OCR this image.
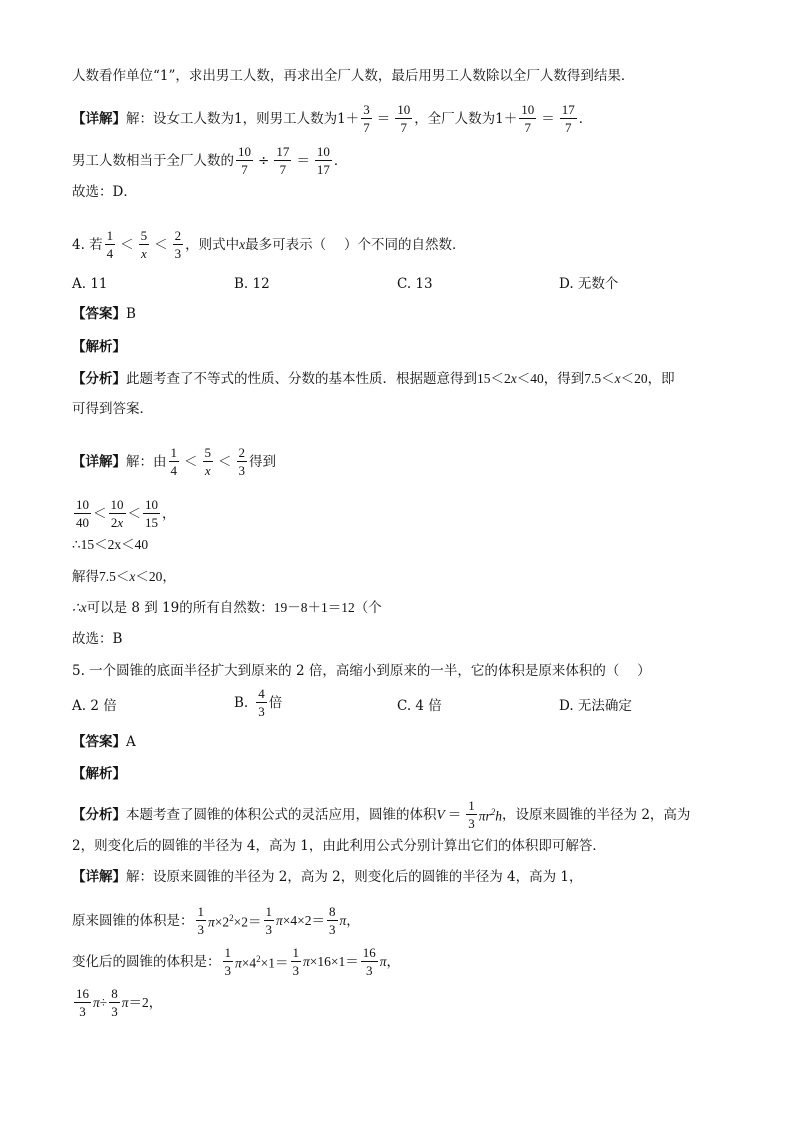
人数看作单位“1”，求出男工人数，再求出全厂人数，最后用男工人数除以全厂人数得到结果．
【详解】 解：设女工人数为1，则男工人数为1＋
3
7
＝
10
7
，全厂人数为1＋
10
7
＝
17
7
．
男工人数相当于全厂人数的 $\frac{10}{7} \div \frac{17}{7}$ ＝
10
17
．
故选：D．
4. 若
1
4
＜
5
x
＜
2
3
，则式中 x 最多可表示（　 ）个不同的自然数．
A. 11	B. 12	C. 13	D. 无数个
【答案】 B
【解析】
【分析】 此题考查了不等式的性质、分数的基本性质．根据题意得到 15＜2x＜40 ，得到 7.5＜x＜20 ，即
可得到答案．
【详解】 解：由
1
4
＜
5
x
＜
2
3
得到
10
40
＜
10
2x
＜
10
15
，
∴15＜2x＜40
解得 7.5＜x＜20 ，
∴x 可以是 8 到 19的所有自然数： 19－8＋1＝12 （个
故选：B
5. 一个圆锥的底面半径扩大到原来的 2 倍，高缩小到原来的一半，它的体积是原来体积的（　 ）
A. 2 倍	B.
4
3
倍	C. 4 倍	D. 无法确定
【答案】 A
【解析】
【分析】 本题考查了圆锥的体积公式的灵活应用，圆锥的体积 V ＝
1
3 $\pi r^2h$ ，设原来圆锥的半径为 2，高为
2，则变化后的圆锥的半径为 4，高为 1，由此利用公式分别计算出它们的体积即可解答．
【详解】 解：设原来圆锥的半径为 2，高为 2，则变化后的圆锥的半径为 4，高为 1，
原来圆锥的体积是：
1
3 $\pi\times 2^2\times 2=$
1
3
π×4×2＝
8
3
π ，
变化后的圆锥的体积是：
1
3 $\pi\times 4^2\times 1=$
1
3
π×16×1＝
16
3
π ，
16
3
$\pi\div \frac{8}{3} \pi=2$ ，
